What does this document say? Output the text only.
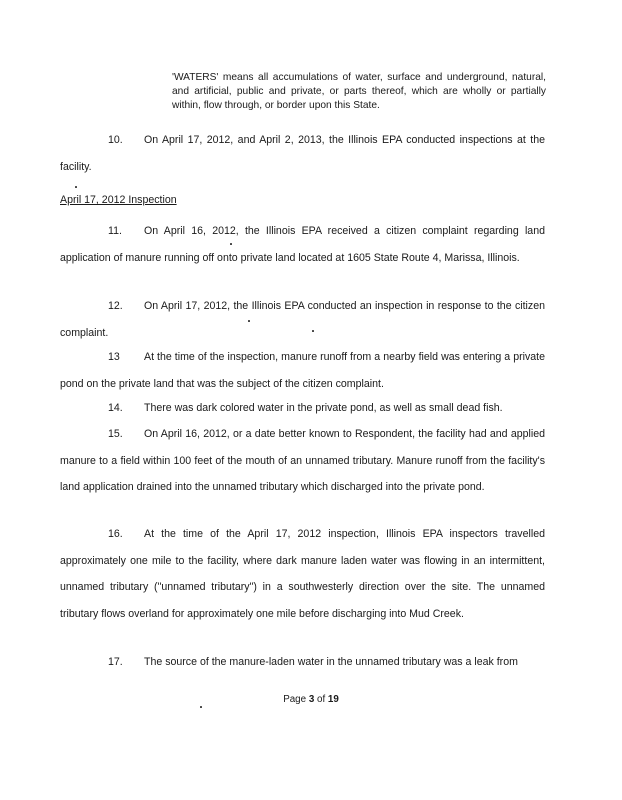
'WATERS' means all accumulations of water, surface and underground, natural, and artificial, public and private, or parts thereof, which are wholly or partially within, flow through, or border upon this State.
10. On April 17, 2012, and April 2, 2013, the Illinois EPA conducted inspections at the facility.
April 17, 2012 Inspection
11. On April 16, 2012, the Illinois EPA received a citizen complaint regarding land application of manure running off onto private land located at 1605 State Route 4, Marissa, Illinois.
12. On April 17, 2012, the Illinois EPA conducted an inspection in response to the citizen complaint.
13 At the time of the inspection, manure runoff from a nearby field was entering a private pond on the private land that was the subject of the citizen complaint.
14. There was dark colored water in the private pond, as well as small dead fish.
15. On April 16, 2012, or a date better known to Respondent, the facility had and applied manure to a field within 100 feet of the mouth of an unnamed tributary. Manure runoff from the facility's land application drained into the unnamed tributary which discharged into the private pond.
16. At the time of the April 17, 2012 inspection, Illinois EPA inspectors travelled approximately one mile to the facility, where dark manure laden water was flowing in an intermittent, unnamed tributary ("unnamed tributary") in a southwesterly direction over the site. The unnamed tributary flows overland for approximately one mile before discharging into Mud Creek.
17. The source of the manure-laden water in the unnamed tributary was a leak from
Page 3 of 19
